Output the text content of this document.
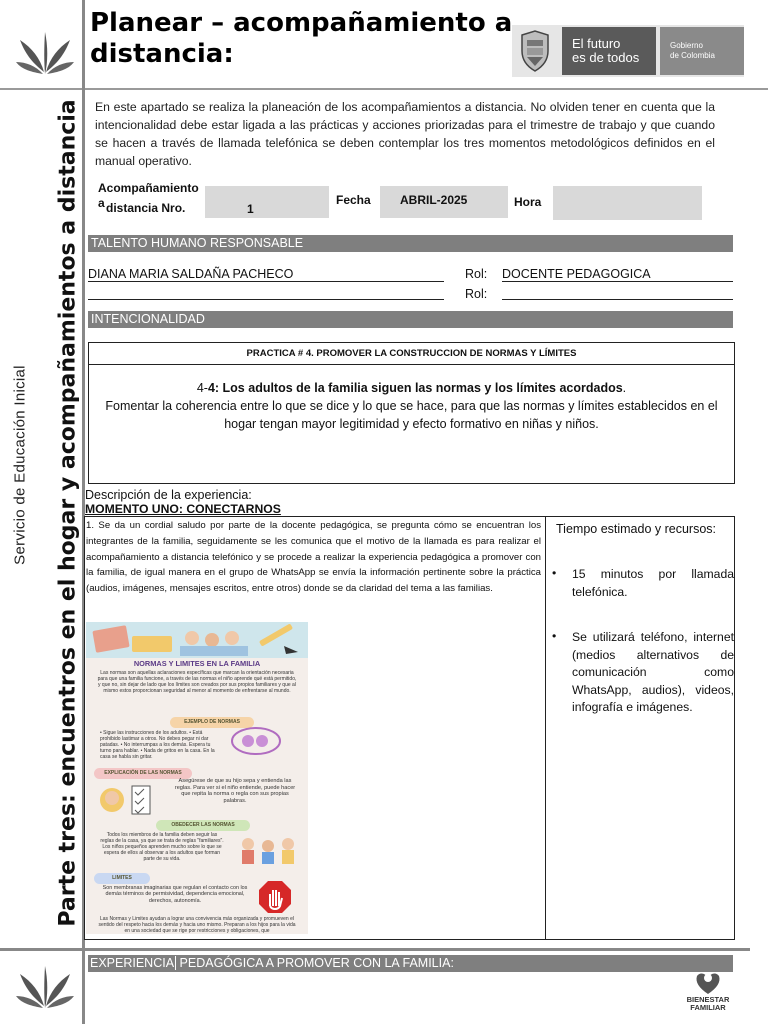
Planear – acompañamiento a distancia:	El futuro
es de todos
Gobierno
de Colombia
Servicio de Educación Inicial Parte tres: encuentros en el hogar y acompañamientos a distancia En este apartado se realiza la planeación de los acompañamientos a distancia. No olviden tener en cuenta que la intencionalidad debe estar ligada a las prácticas y acciones priorizadas para el trimestre de trabajo y que cuando se hacen a través de llamada telefónica se deben contemplar los tres momentos metodológicos definidos en el manual operativo.
Acompañamiento
a distancia Nro.	1
Fecha ABRIL-2025	Hora
TALENTO HUMANO RESPONSABLE
DIANA MARIA SALDAÑA PACHECO	Rol: DOCENTE PEDAGOGICA
Rol:
INTENCIONALIDAD
PRACTICA # 4. PROMOVER LA CONSTRUCCION DE NORMAS Y LÍMITES
4-4: Los adultos de la familia siguen las normas y los límites acordados.
Fomentar la coherencia entre lo que se dice y lo que se hace, para que las normas y límites establecidos en el hogar tengan mayor legitimidad y efecto formativo en niñas y niños.
Descripción de la experiencia:
MOMENTO UNO: CONECTARNOS
1. Se da un cordial saludo por parte de la docente pedagógica, se pregunta cómo se encuentran los integrantes de la familia, seguidamente se les comunica que el motivo de la llamada es para realizar el acompañamiento a distancia telefónico y se procede a realizar la experiencia pedagógica a promover con la familia, de igual manera en el grupo de WhatsApp se envía la información pertinente sobre la práctica (audios, imágenes, mensajes escritos, entre otros) donde se da claridad del tema a las familias.
Tiempo estimado y recursos:
• 15 minutos por llamada telefónica.
• Se utilizará teléfono, internet (medios alternativos de comunicación como WhatsApp, audios), videos, infografía e imágenes.
NORMAS Y LIMITES EN LA FAMILIA
Las normas son aquellas aclaraciones específicas que marcan la orientación necesaria para que una familia funcione, a través de las normas el niño aprende qué está permitido, y que no, sin dejar de lado que los límites son creados por sus propios familiares y que al mismo estos proporcionan seguridad al menor al momento de enfrentarse al mundo.
EJEMPLO DE NORMAS
• Sigue las instrucciones de los adultos. • Está prohibido lastimar a otros. No debes pegar ni dar patadas. • No interrumpas a los demás. Espera tu turno para hablar. • Nada de gritos en la casa. En la casa se habla sin gritar.
EXPLICACIÓN DE LAS NORMAS
Asegúrese de que su hijo sepa y entienda las reglas. Para ver si el niño entiende, puede hacer que repita la norma o regla con sus propias palabras.
OBEDECER LAS NORMAS
Todos los miembros de la familia deben seguir las reglas de la casa, ya que se trata de reglas "familiares". Los niños pequeños aprenden mucho sobre lo que se espera de ellos al observar a los adultos que forman parte de su vida.
LIMITES
Son membranas imaginarias que regulan el contacto con los demás términos de permisividad, dependencia emocional, derechos, autonomía.
Las Normas y Limites ayudan a lograr una convivencia más organizada y promueven el sentido del respeto hacia los demás y hacia uno mismo. Preparan a los hijos para la vida en una sociedad que se rige por restricciones y obligaciones, que
EXPERIENCIA PEDAGÓGICA A PROMOVER CON LA FAMILIA:
BIENESTAR
FAMILIAR
